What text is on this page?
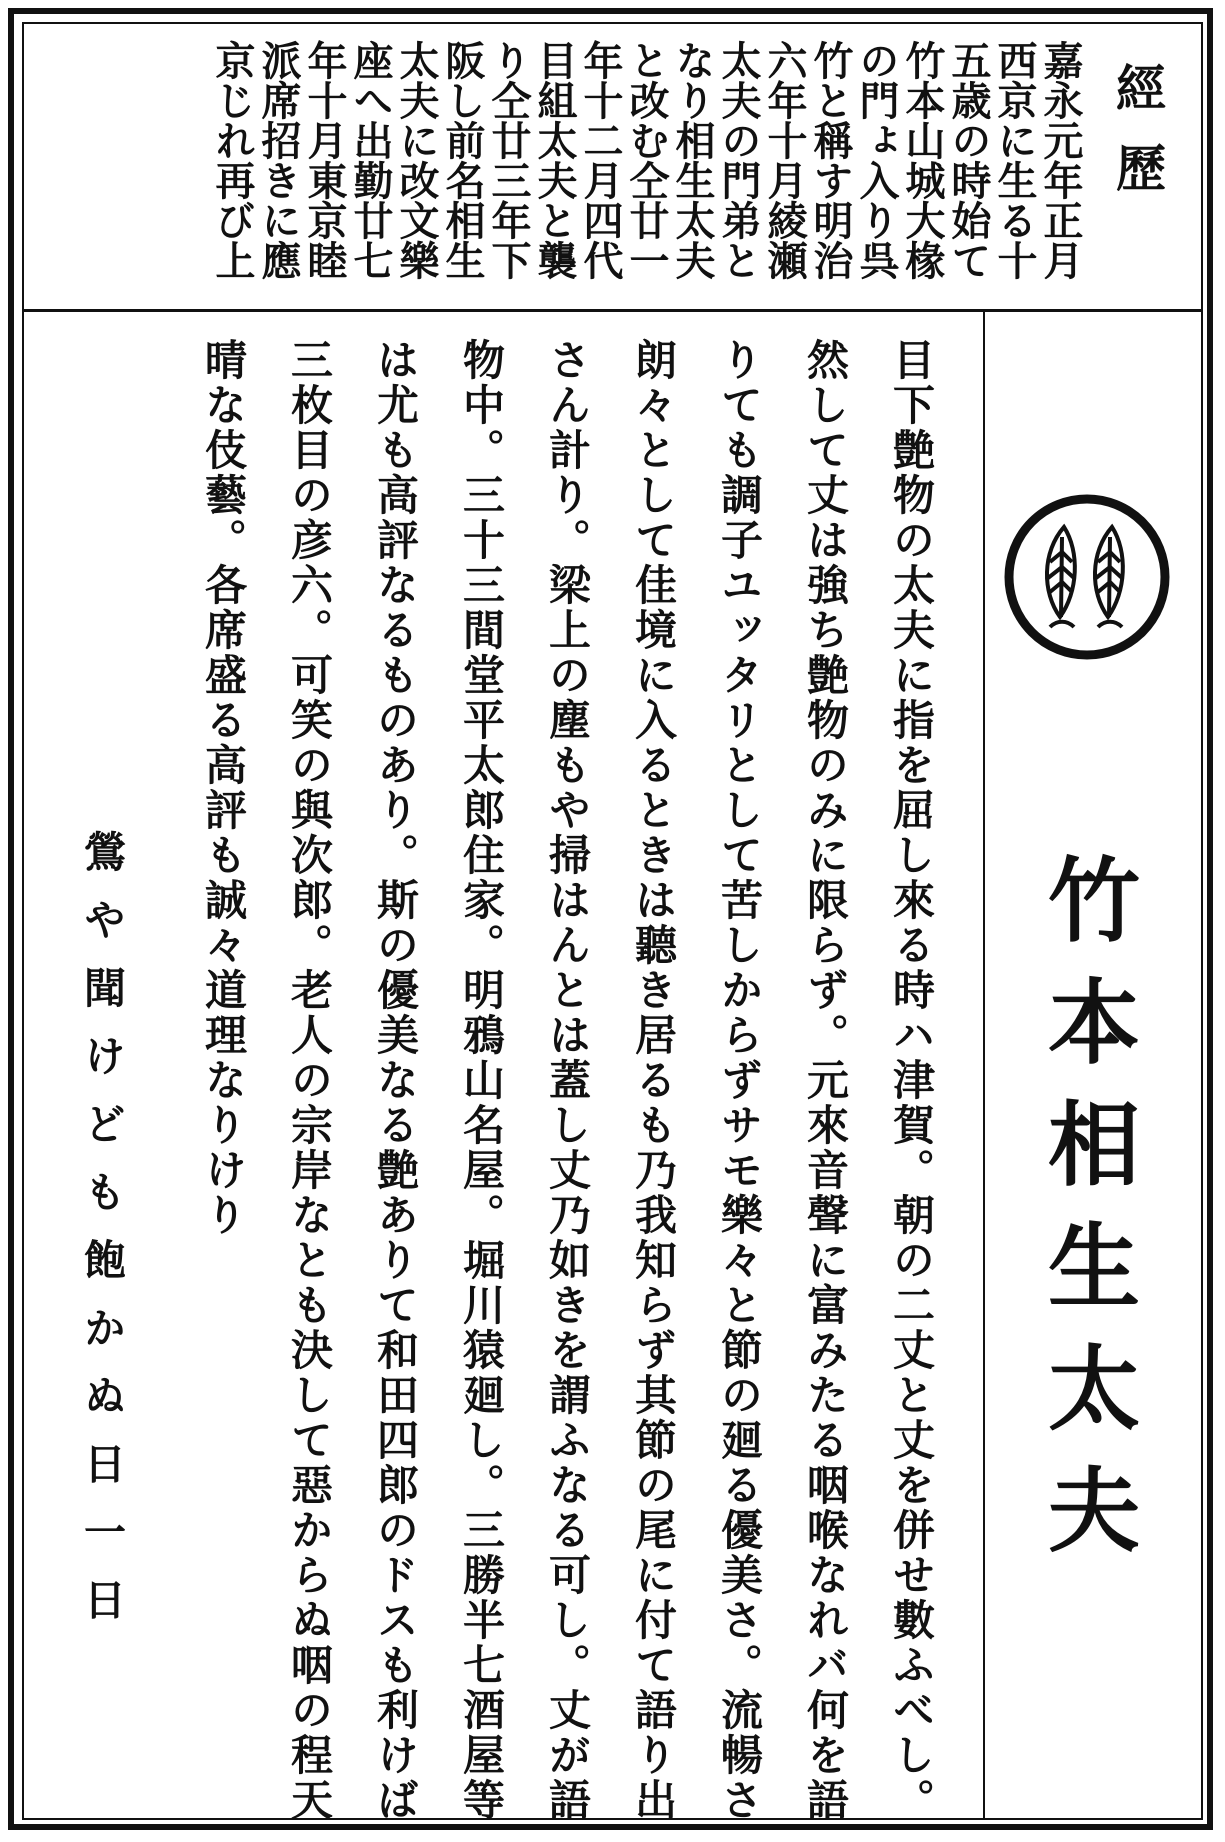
經歷
嘉永元年正月
西京に生る十
五歳の時始て
竹本山城大椽
の門ょ入り呉
竹と稱す明治
六年十月綾瀬
太夫の門弟と
なり相生太夫
と改む仝廿一
年十二月四代
目組太夫と襲
り仝廿三年下
阪し前名相生
太夫に改文樂
座へ出勤廿七
年十月東京睦
派席招きに應
京じれ再び上
竹本相生太夫
目下艶物の太夫に指を屈し來る時ハ津賀。朝の二丈と丈を併せ數ふべし。
然して丈は強ち艶物のみに限らず。元來音聲に富みたる咽喉なれバ何を語
りても調子ユッタリとして苦しからずサモ樂々と節の廻る優美さ。流暢さ
朗々として佳境に入るときは聽き居るも乃我知らず其節の尾に付て語り出
さん計り。梁上の塵もや掃はんとは蓋し丈乃如きを謂ふなる可し。丈が語
物中。三十三間堂平太郎住家。明鴉山名屋。堀川猿廻し。三勝半七酒屋等
は尤も高評なるものあり。斯の優美なる艶ありて和田四郎のドスも利けば
三枚目の彦六。可笑の與次郎。老人の宗岸なとも決して惡からぬ咽の程天
晴な伎藝。各席盛る高評も誠々道理なりけり
鶯や聞けども飽かぬ日一日
